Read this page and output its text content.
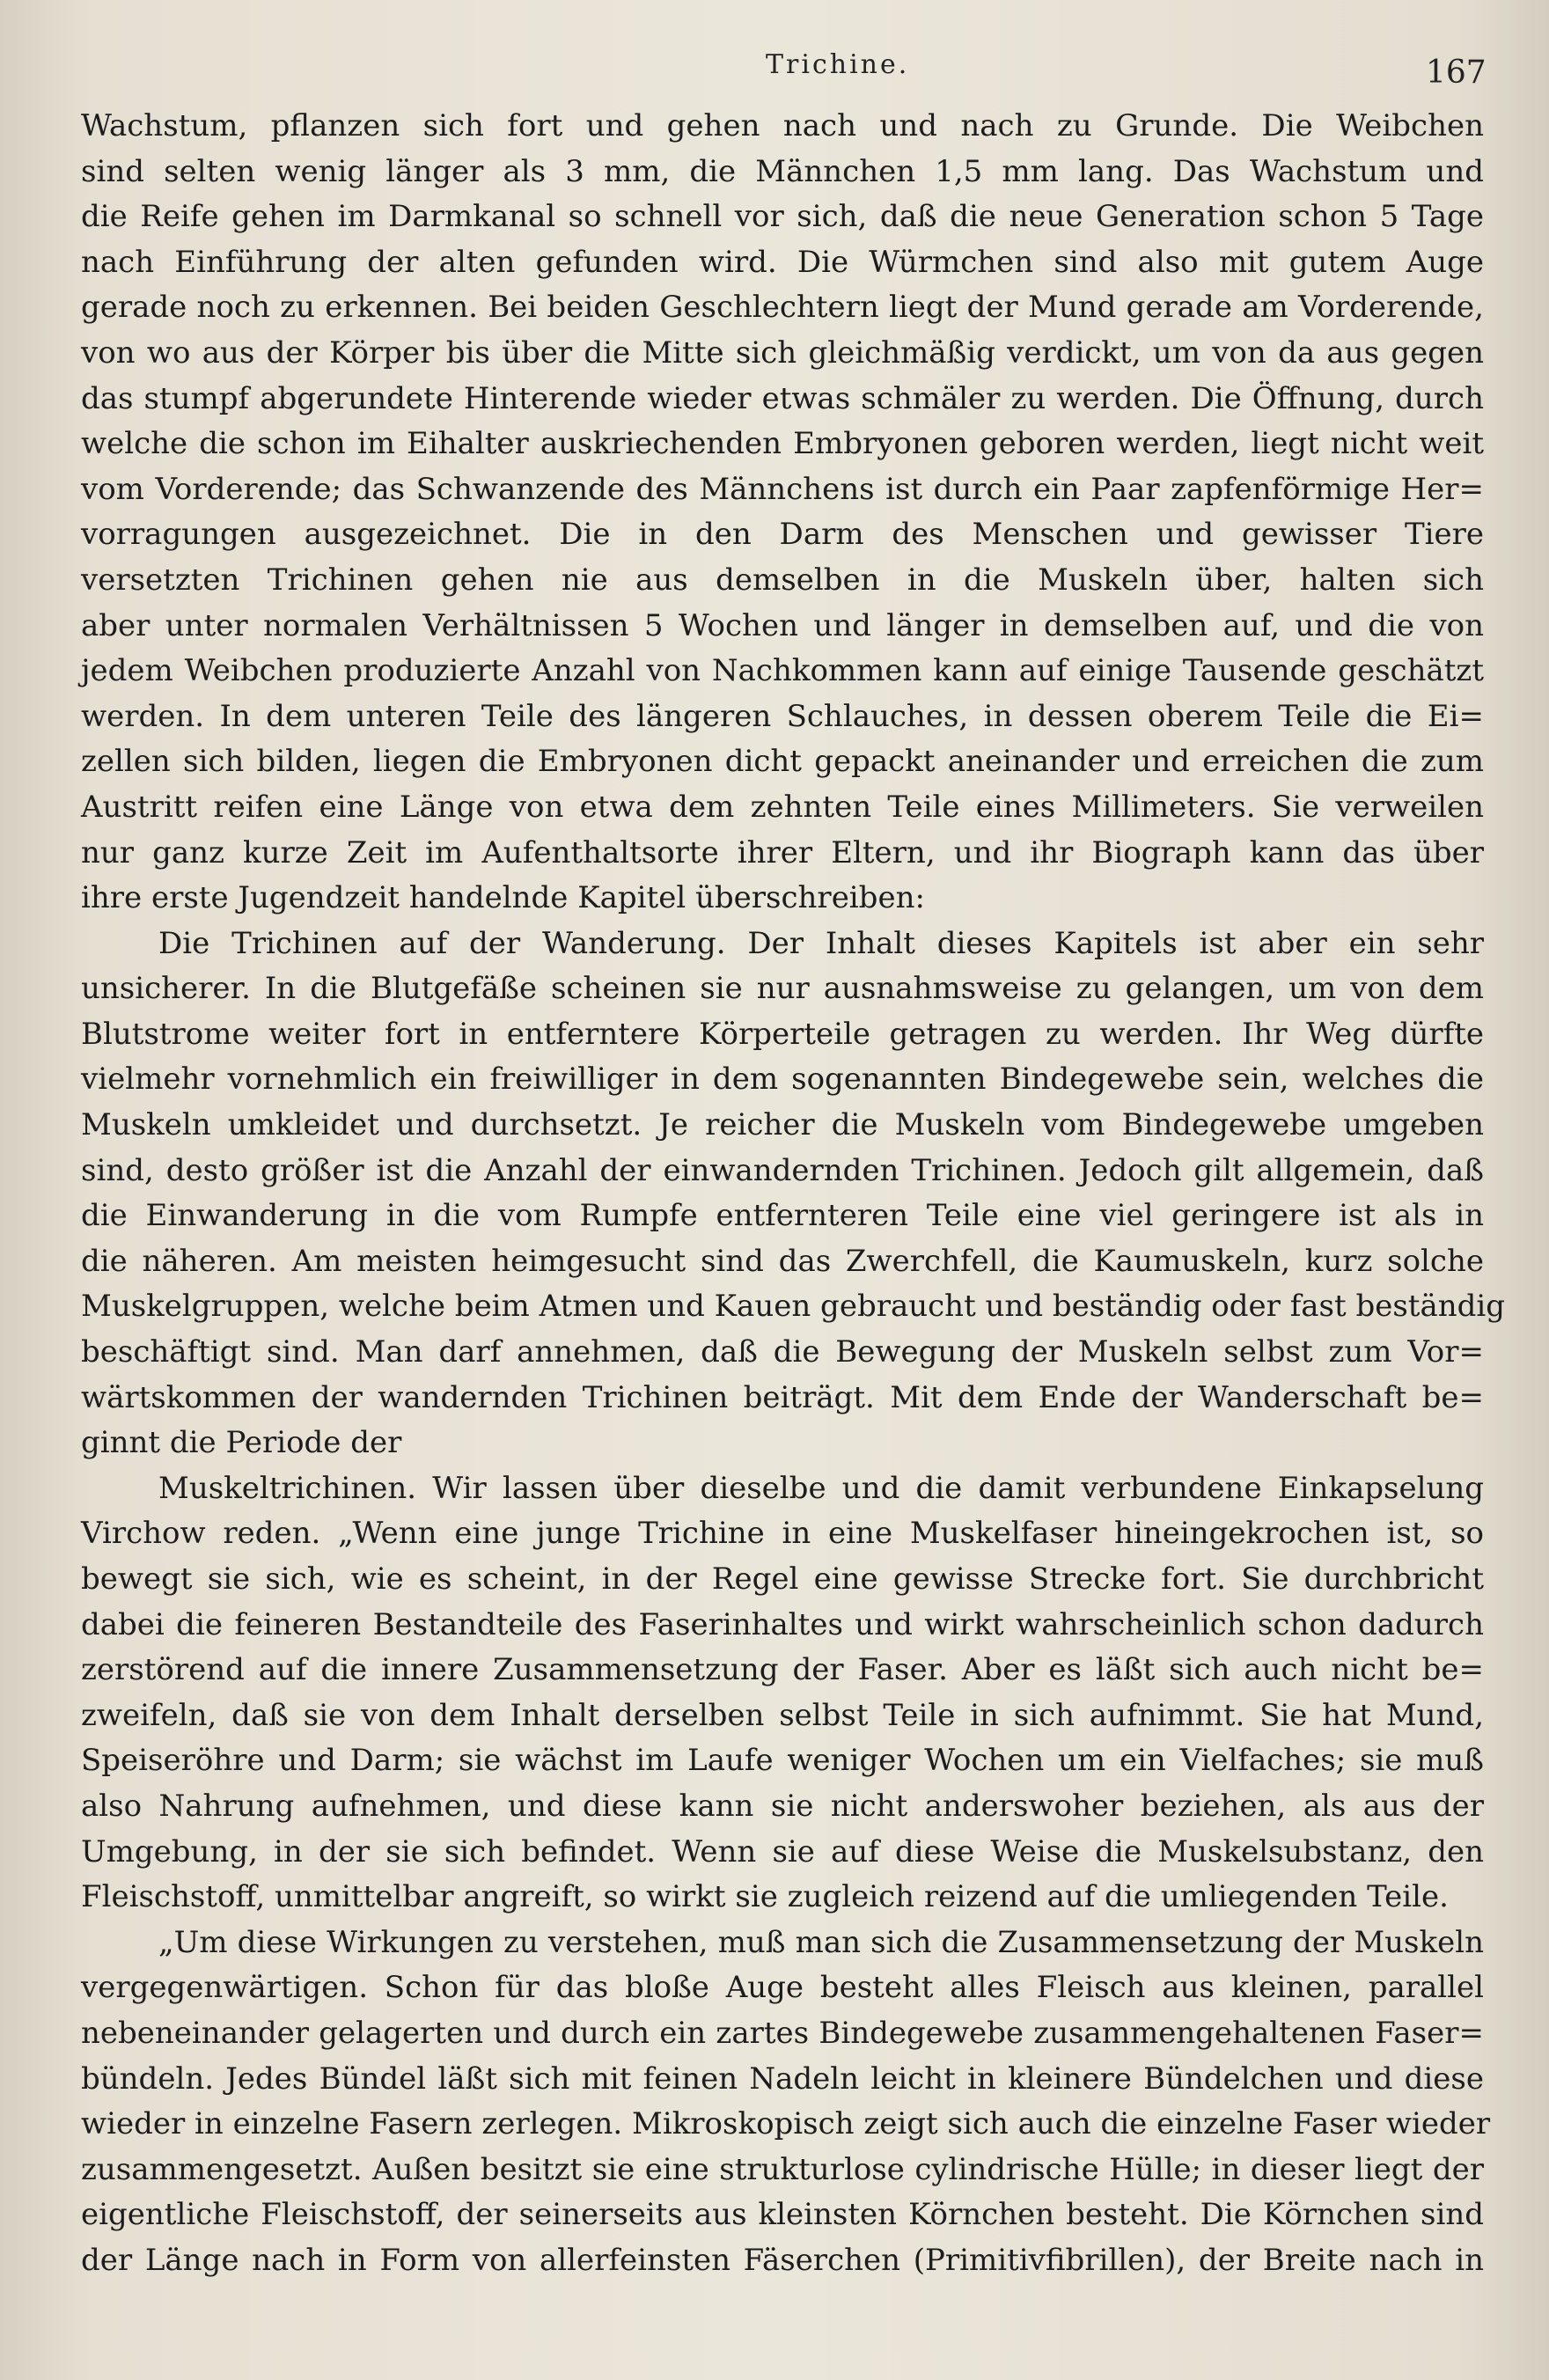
Trichine.	167
Wachstum, pflanzen sich fort und gehen nach und nach zu Grunde. Die Weibchen
sind selten wenig länger als 3 mm, die Männchen 1,5 mm lang. Das Wachstum und
die Reife gehen im Darmkanal so schnell vor sich, daß die neue Generation schon 5 Tage
nach Einführung der alten gefunden wird. Die Würmchen sind also mit gutem Auge
gerade noch zu erkennen. Bei beiden Geschlechtern liegt der Mund gerade am Vorderende,
von wo aus der Körper bis über die Mitte sich gleichmäßig verdickt, um von da aus gegen
das stumpf abgerundete Hinterende wieder etwas schmäler zu werden. Die Öffnung, durch
welche die schon im Eihalter auskriechenden Embryonen geboren werden, liegt nicht weit
vom Vorderende; das Schwanzende des Männchens ist durch ein Paar zapfenförmige Her=
vorragungen ausgezeichnet. Die in den Darm des Menschen und gewisser Tiere
versetzten Trichinen gehen nie aus demselben in die Muskeln über, halten sich
aber unter normalen Verhältnissen 5 Wochen und länger in demselben auf, und die von
jedem Weibchen produzierte Anzahl von Nachkommen kann auf einige Tausende geschätzt
werden. In dem unteren Teile des längeren Schlauches, in dessen oberem Teile die Ei=
zellen sich bilden, liegen die Embryonen dicht gepackt aneinander und erreichen die zum
Austritt reifen eine Länge von etwa dem zehnten Teile eines Millimeters. Sie verweilen
nur ganz kurze Zeit im Aufenthaltsorte ihrer Eltern, und ihr Biograph kann das über
ihre erste Jugendzeit handelnde Kapitel überschreiben:
Die Trichinen auf der Wanderung. Der Inhalt dieses Kapitels ist aber ein sehr
unsicherer. In die Blutgefäße scheinen sie nur ausnahmsweise zu gelangen, um von dem
Blutstrome weiter fort in entferntere Körperteile getragen zu werden. Ihr Weg dürfte
vielmehr vornehmlich ein freiwilliger in dem sogenannten Bindegewebe sein, welches die
Muskeln umkleidet und durchsetzt. Je reicher die Muskeln vom Bindegewebe umgeben
sind, desto größer ist die Anzahl der einwandernden Trichinen. Jedoch gilt allgemein, daß
die Einwanderung in die vom Rumpfe entfernteren Teile eine viel geringere ist als in
die näheren. Am meisten heimgesucht sind das Zwerchfell, die Kaumuskeln, kurz solche
Muskelgruppen, welche beim Atmen und Kauen gebraucht und beständig oder fast beständig
beschäftigt sind. Man darf annehmen, daß die Bewegung der Muskeln selbst zum Vor=
wärtskommen der wandernden Trichinen beiträgt. Mit dem Ende der Wanderschaft be=
ginnt die Periode der
Muskeltrichinen. Wir lassen über dieselbe und die damit verbundene Einkapselung
Virchow reden. „Wenn eine junge Trichine in eine Muskelfaser hineingekrochen ist, so
bewegt sie sich, wie es scheint, in der Regel eine gewisse Strecke fort. Sie durchbricht
dabei die feineren Bestandteile des Faserinhaltes und wirkt wahrscheinlich schon dadurch
zerstörend auf die innere Zusammensetzung der Faser. Aber es läßt sich auch nicht be=
zweifeln, daß sie von dem Inhalt derselben selbst Teile in sich aufnimmt. Sie hat Mund,
Speiseröhre und Darm; sie wächst im Laufe weniger Wochen um ein Vielfaches; sie muß
also Nahrung aufnehmen, und diese kann sie nicht anderswoher beziehen, als aus der
Umgebung, in der sie sich befindet. Wenn sie auf diese Weise die Muskelsubstanz, den
Fleischstoff, unmittelbar angreift, so wirkt sie zugleich reizend auf die umliegenden Teile.
„Um diese Wirkungen zu verstehen, muß man sich die Zusammensetzung der Muskeln
vergegenwärtigen. Schon für das bloße Auge besteht alles Fleisch aus kleinen, parallel
nebeneinander gelagerten und durch ein zartes Bindegewebe zusammengehaltenen Faser=
bündeln. Jedes Bündel läßt sich mit feinen Nadeln leicht in kleinere Bündelchen und diese
wieder in einzelne Fasern zerlegen. Mikroskopisch zeigt sich auch die einzelne Faser wieder
zusammengesetzt. Außen besitzt sie eine strukturlose cylindrische Hülle; in dieser liegt der
eigentliche Fleischstoff, der seinerseits aus kleinsten Körnchen besteht. Die Körnchen sind
der Länge nach in Form von allerfeinsten Fäserchen (Primitivfibrillen), der Breite nach in
